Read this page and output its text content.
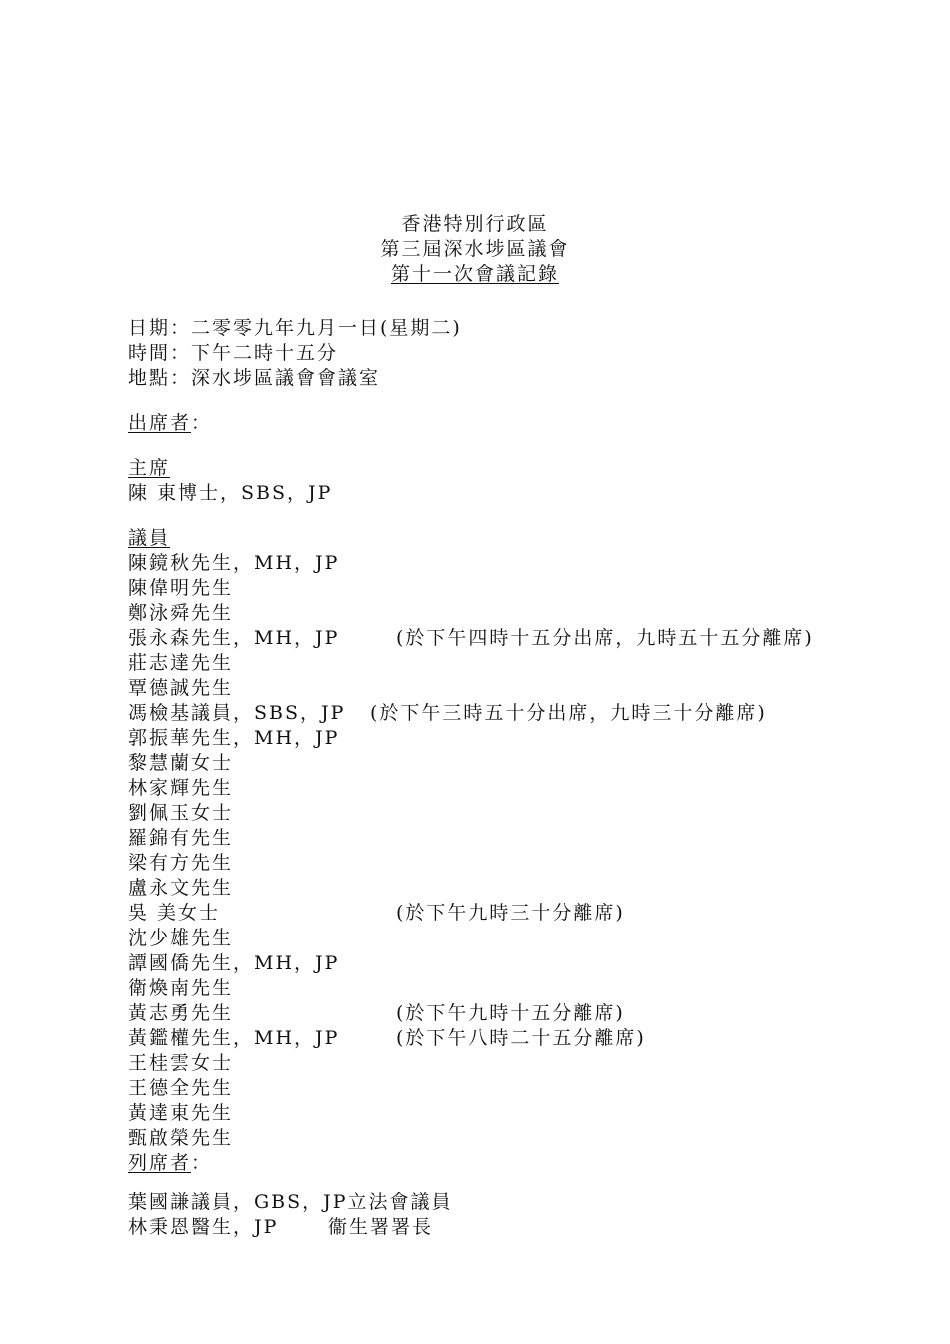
香港特別行政區
第三屆深水埗區議會
第十一次會議記錄
日期：二零零九年九月一日(星期二)
時間：下午二時十五分
地點：深水埗區議會會議室
出席者：
主席
陳 東博士，SBS，JP
議員
陳鏡秋先生，MH，JP
陳偉明先生
鄭泳舜先生
張永森先生，MH，JP	(於下午四時十五分出席，九時五十五分離席)
莊志達先生
覃德誠先生
馮檢基議員，SBS，JP (於下午三時五十分出席，九時三十分離席)
郭振華先生，MH，JP
黎慧蘭女士
林家輝先生
劉佩玉女士
羅錦有先生
梁有方先生
盧永文先生
吳 美女士	(於下午九時三十分離席)
沈少雄先生
譚國僑先生，MH，JP
衛煥南先生
黃志勇先生	(於下午九時十五分離席)
黃鑑權先生，MH，JP	(於下午八時二十五分離席)
王桂雲女士
王德全先生
黃達東先生
甄啟榮先生
列席者：
葉國謙議員，GBS，JP立法會議員
林秉恩醫生，JP	衞生署署長
